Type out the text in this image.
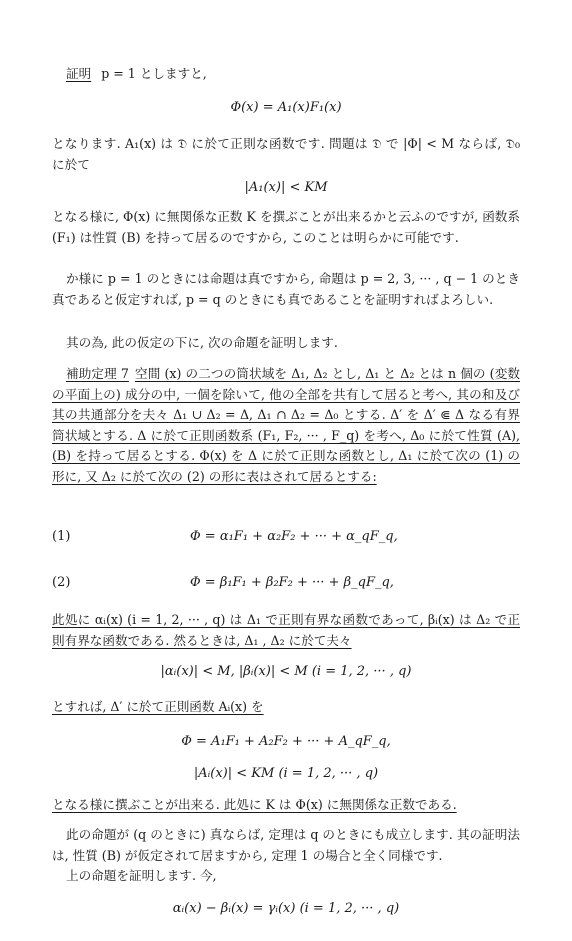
証明 p = 1 としますと,

Φ(x) = A₁(x)F₁(x)

となります. A₁(x) は 𝔇 に於て正則な函数です. 問題は 𝔇 で |Φ| < M ならば, 𝔇₀ に於て

|A₁(x)| < KM

となる様に, Φ(x) に無関係な正数 K を撰ぶことが出来るかと云ふのですが, 函数系 (F₁) は性質 (B) を持って居るのですから, このことは明らかに可能です.

か様に p = 1 のときには命題は真ですから, 命題は p = 2, 3, ··· , q − 1 のとき真であると仮定すれば, p = q のときにも真であることを証明すればよろしい.

其の為, 此の仮定の下に, 次の命題を証明します.

補助定理 7 空間 (x) の二つの筒状域を Δ₁, Δ₂ とし, Δ₁ と Δ₂ とは n 個の (変数の平面上の) 成分の中, 一個を除いて, 他の全部を共有して居ると考へ, 其の和及び其の共通部分を夫々 Δ₁ ∪ Δ₂ = Δ, Δ₁ ∩ Δ₂ = Δ₀ とする. Δ′ を Δ′ ⋐ Δ なる有界筒状域とする. Δ に於て正則函数系 (F₁, F₂, ··· , F_q) を考へ, Δ₀ に於て性質 (A), (B) を持って居るとする. Φ(x) を Δ に於て正則な函数とし, Δ₁ に於て次の (1) の形に, 又 Δ₂ に於て次の (2) の形に表はされて居るとする:

(1)	Φ = α₁F₁ + α₂F₂ + ··· + α_qF_q,

(2)	Φ = β₁F₁ + β₂F₂ + ··· + β_qF_q,

此処に αᵢ(x) (i = 1, 2, ··· , q) は Δ₁ で正則有界な函数であって, βᵢ(x) は Δ₂ で正則有界な函数である. 然るときは, Δ₁ , Δ₂ に於て夫々

|αᵢ(x)| < M, |βᵢ(x)| < M (i = 1, 2, ··· , q)

とすれば, Δ′ に於て正則函数 Aᵢ(x) を

Φ = A₁F₁ + A₂F₂ + ··· + A_qF_q,

|Aᵢ(x)| < KM (i = 1, 2, ··· , q)

となる様に撰ぶことが出来る. 此処に K は Φ(x) に無関係な正数である.

此の命題が (q のときに) 真ならば, 定理は q のときにも成立します. 其の証明法は, 性質 (B) が仮定されて居ますから, 定理 1 の場合と全く同様です.

上の命題を証明します. 今,

αᵢ(x) − βᵢ(x) = γᵢ(x) (i = 1, 2, ··· , q)
